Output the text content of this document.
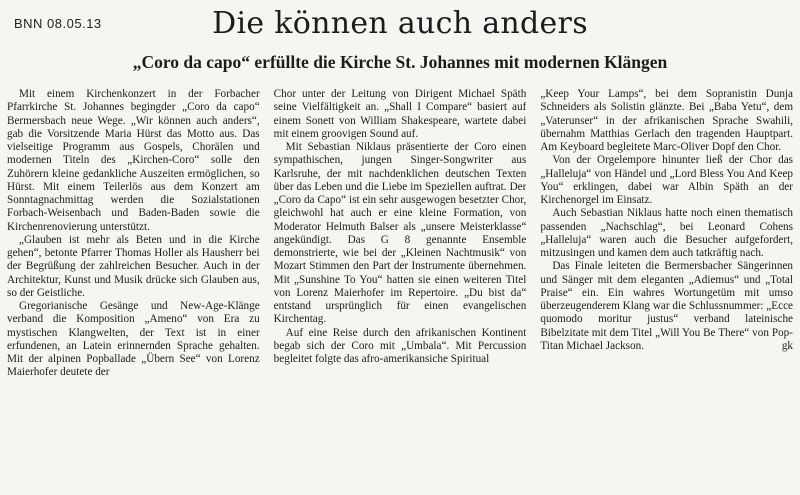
BNN 08.05.13	Die können auch anders
„Coro da capo“ erfüllte die Kirche St. Johannes mit modernen Klängen

Mit einem Kirchenkonzert in der Forbacher Pfarrkirche St. Johannes begingder „Coro da capo“ Bermersbach neue Wege. „Wir können auch anders“, gab die Vorsitzende Maria Hürst das Motto aus. Das vielseitige Programm aus Gospels, Chorälen und modernen Titeln des „Kirchen-Coro“ solle den Zuhörern kleine gedankliche Auszeiten ermöglichen, so Hürst. Mit einem Teilerlös aus dem Konzert am Sonntagnachmittag werden die Sozialstationen Forbach-Weisenbach und Baden-Baden sowie die Kirchenrenovierung unterstützt.

„Glauben ist mehr als Beten und in die Kirche gehen“, betonte Pfarrer Thomas Holler als Hausherr bei der Begrüßung der zahlreichen Besucher. Auch in der Architektur, Kunst und Musik drücke sich Glauben aus, so der Geistliche.

Gregorianische Gesänge und New-Age-Klänge verband die Komposition „Ameno“ von Era zu mystischen Klangwelten, der Text ist in einer erfundenen, an Latein erinnernden Sprache gehalten. Mit der alpinen Popballade „Übern See“ von Lorenz Maierhofer deutete der

Chor unter der Leitung von Dirigent Michael Späth seine Vielfältigkeit an. „Shall I Compare“ basiert auf einem Sonett von William Shakespeare, wartete dabei mit einem groovigen Sound auf.

Mit Sebastian Niklaus präsentierte der Coro einen sympathischen, jungen Singer-Songwriter aus Karlsruhe, der mit nachdenklichen deutschen Texten über das Leben und die Liebe im Speziellen auftrat. Der „Coro da Capo“ ist ein sehr ausgewogen besetzter Chor, gleichwohl hat auch er eine kleine Formation, von Moderator Helmuth Balser als „unsere Meisterklasse“ angekündigt. Das G 8 genannte Ensemble demonstrierte, wie bei der „Kleinen Nachtmusik“ von Mozart Stimmen den Part der Instrumente übernehmen. Mit „Sunshine To You“ hatten sie einen weiteren Titel von Lorenz Maierhofer im Repertoire. „Du bist da“ entstand ursprünglich für einen evangelischen Kirchentag.

Auf eine Reise durch den afrikanischen Kontinent begab sich der Coro mit „Umbala“. Mit Percussion begleitet folgte das afro-amerikansiche Spiritual

„Keep Your Lamps“, bei dem Sopranistin Dunja Schneiders als Solistin glänzte. Bei „Baba Yetu“, dem „Vaterunser“ in der afrikanischen Sprache Swahili, übernahm Matthias Gerlach den tragenden Hauptpart. Am Keyboard begleitete Marc-Oliver Dopf den Chor.

Von der Orgelempore hinunter ließ der Chor das „Halleluja“ von Händel und „Lord Bless You And Keep You“ erklingen, dabei war Albin Späth an der Kirchenorgel im Einsatz.

Auch Sebastian Niklaus hatte noch einen thematisch passenden „Nachschlag“, bei Leonard Cohens „Halleluja“ waren auch die Besucher aufgefordert, mitzusingen und kamen dem auch tatkräftig nach.

Das Finale leiteten die Bermersbacher Sängerinnen und Sänger mit dem eleganten „Adiemus“ und „Total Praise“ ein. Ein wahres Wortungetüm mit umso überzeugenderem Klang war die Schlussnummer: „Ecce quomodo moritur justus“ verband lateinische Bibelzitate mit dem Titel „Will You Be There“ von Pop-Titan Michael Jackson.	gk
